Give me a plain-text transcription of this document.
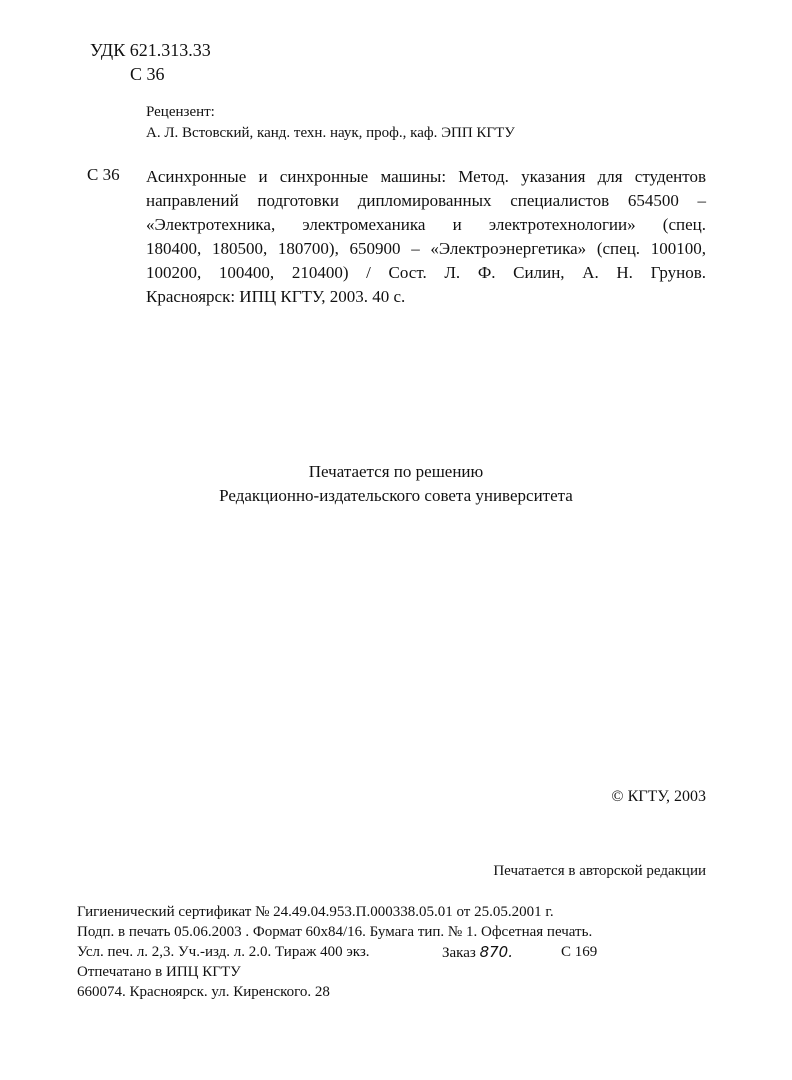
УДК 621.313.33
С 36
Рецензент:
А. Л. Встовский, канд. техн. наук, проф., каф. ЭПП КГТУ
С 36 Асинхронные и синхронные машины: Метод. указания для студентов
направлений подготовки дипломированных специалистов 654500 –
«Электротехника, электромеханика и электротехнологии» (спец.
180400, 180500, 180700), 650900 – «Электроэнергетика» (спец. 100100,
100200, 100400, 210400) / Сост. Л. Ф. Силин, А. Н. Грунов.
Красноярск: ИПЦ КГТУ, 2003. 40 с.
Печатается по решению
Редакционно-издательского совета университета
© КГТУ, 2003
Печатается в авторской редакции
Гигиенический сертификат № 24.49.04.953.П.000338.05.01 от 25.05.2001 г.
Подп. в печать 05.06.2003 . Формат 60x84/16. Бумага тип. № 1. Офсетная печать.
Усл. печ. л. 2,3. Уч.-изд. л. 2.0. Тираж 400 экз.	Заказ 870.	С 169
Отпечатано в ИПЦ КГТУ
660074. Красноярск. ул. Киренского. 28
